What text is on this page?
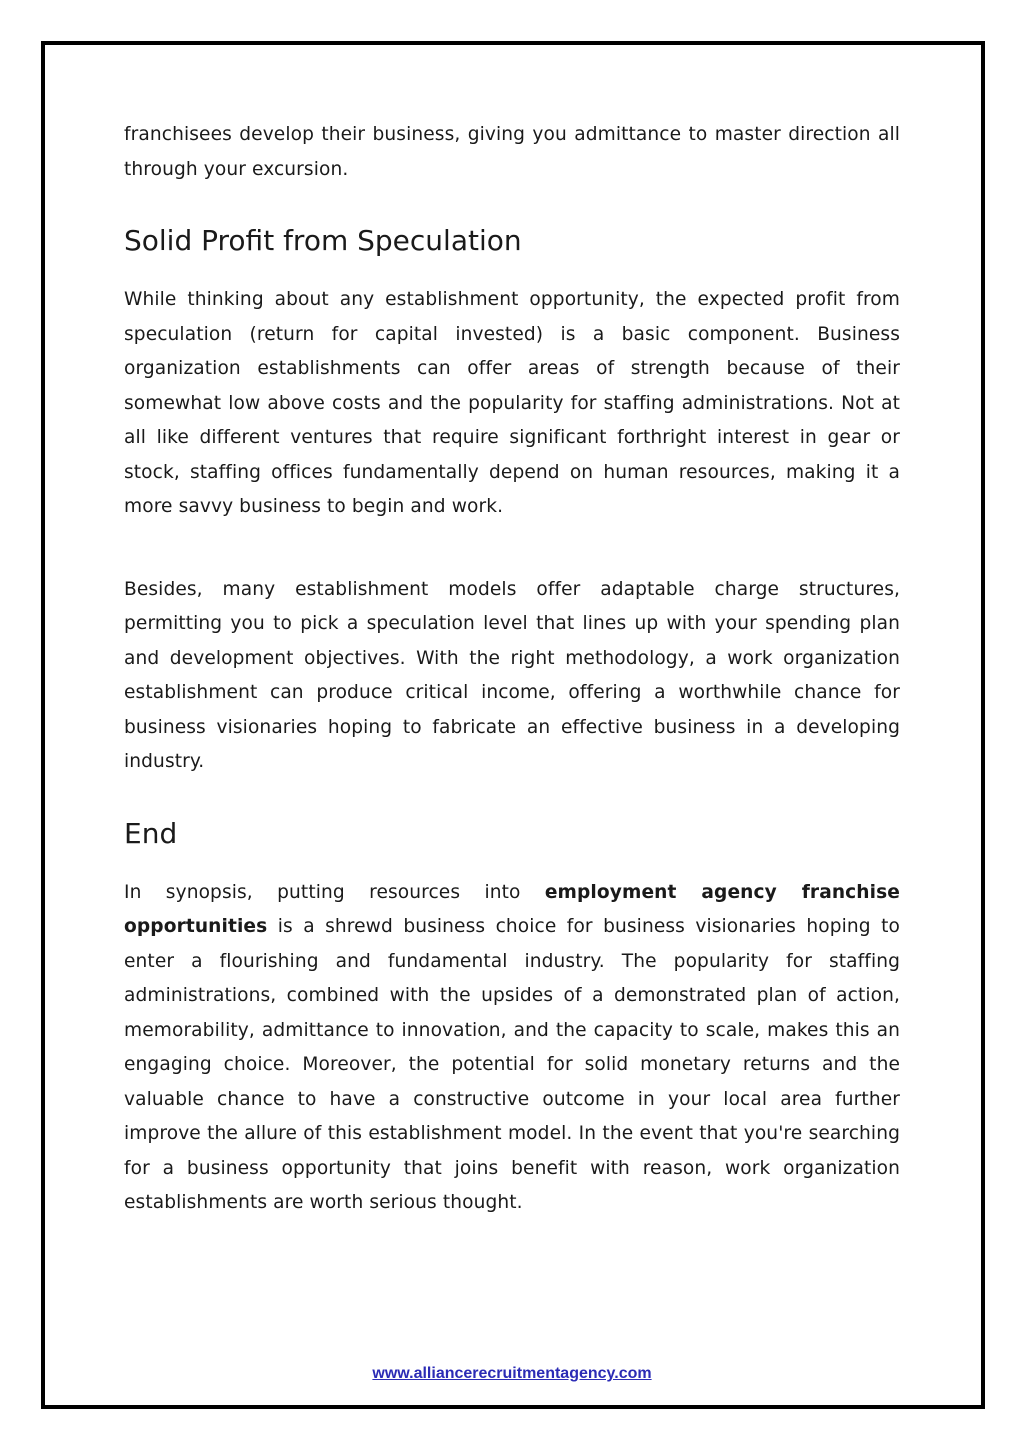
franchisees develop their business, giving you admittance to master direction all through your excursion.

Solid Profit from Speculation

While thinking about any establishment opportunity, the expected profit from speculation (return for capital invested) is a basic component. Business organization establishments can offer areas of strength because of their somewhat low above costs and the popularity for staffing administrations. Not at all like different ventures that require significant forthright interest in gear or stock, staffing offices fundamentally depend on human resources, making it a more savvy business to begin and work.

Besides, many establishment models offer adaptable charge structures, permitting you to pick a speculation level that lines up with your spending plan and development objectives. With the right methodology, a work organization establishment can produce critical income, offering a worthwhile chance for business visionaries hoping to fabricate an effective business in a developing industry.

End

In synopsis, putting resources into employment agency franchise opportunities is a shrewd business choice for business visionaries hoping to enter a flourishing and fundamental industry. The popularity for staffing administrations, combined with the upsides of a demonstrated plan of action, memorability, admittance to innovation, and the capacity to scale, makes this an engaging choice. Moreover, the potential for solid monetary returns and the valuable chance to have a constructive outcome in your local area further improve the allure of this establishment model. In the event that you're searching for a business opportunity that joins benefit with reason, work organization establishments are worth serious thought.

www.alliancerecruitmentagency.com
